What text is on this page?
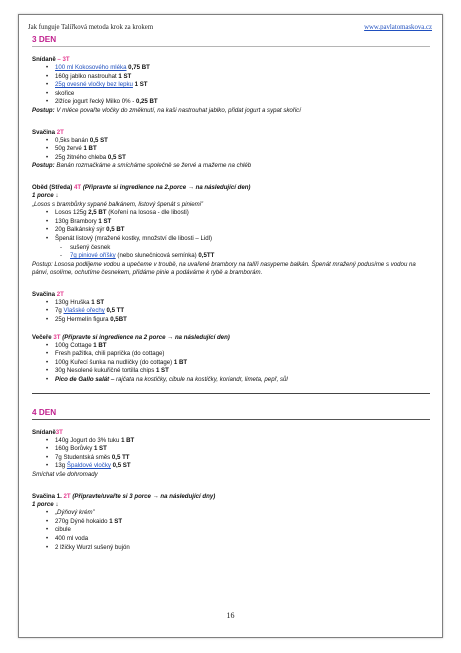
Jak funguje Talířková metoda krok za krokem	www.pavlatomaskova.cz
3 DEN
Snídaně – 3T
• 100 ml Kokosového mléka 0,75 BT
• 160g jablko nastrouhat 1 ST
• 25g ovesné vločky bez lepku 1 ST
• skořice
• 2lžíce jogurt řecký Milko 0% - 0,25 BT
Postup: V mléce povařte vločky do změknutí, na kaši nastrouhat jablko, přidat jogurt a sypat skořicí
Svačina 2T
• 0,5ks banán 0,5 ST
• 50g žervé 1 BT
• 25g žitného chleba 0,5 ST
Postup: Banán rozmačkáme a smícháme společně se žervé a mažeme na chléb
Oběd (Středa) 4T (Připravte si ingredience na 2.porce → na následující den)
1 porce ↓
„Losos s brambůrky sypané balkánem, listový špenát s piniemi”
• Losos 125g 2,5 BT (Koření na lososa - dle libosti)
• 130g Brambory 1 ST
• 20g Balkánský sýr 0,5 BT
• Špenát listový (mražené kostky, množství dle libosti – Lidl)
- sušený česnek
- 7g piniové oříšky (nebo slunečnicová semínka) 0,5TT
Postup: Lososa podlijeme vodou a upečeme v troubě, na uvařené brambory na talíři nasypeme balkán. Špenát mražený podusíme s vodou na pánvi, osolíme, ochutíme česnekem, přidáme pinie a podáváme k rybě a bramborám.
Svačina 2T
• 130g Hruška 1 ST
• 7g Vlašské ořechy 0,5 TT
• 25g Hermelín figura 0,5BT
Večeře 3T (Připravte si ingredience na 2 porce → na následující den)
• 100g Cottage 1 BT
• Fresh pažitka, chili paprička (do cottage)
• 100g Kuřecí šunka na nudličky (do cottage) 1 BT
• 30g Nesolené kukuřičné tortilla chips 1 ST
• Pico de Gallo salát – rajčata na kostičky, cibule na kostičky, koriandr, limeta, pepř, sůl
4 DEN
Snídaně3T
• 140g Jogurt do 3% tuku 1 BT
• 160g Borůvky 1 ST
• 7g Studentská směs 0,5 TT
• 13g Špaldové vločky 0,5 ST
Smíchat vše dohromady
Svačina 1. 2T (Připravte/uvařte si 3 porce → na následující dny)
1 porce ↓
• „Dýňový krém”
• 270g Dýně hokaido 1 ST
• cibule
• 400 ml voda
• 2 lžičky Wurzl sušený bujón
16
